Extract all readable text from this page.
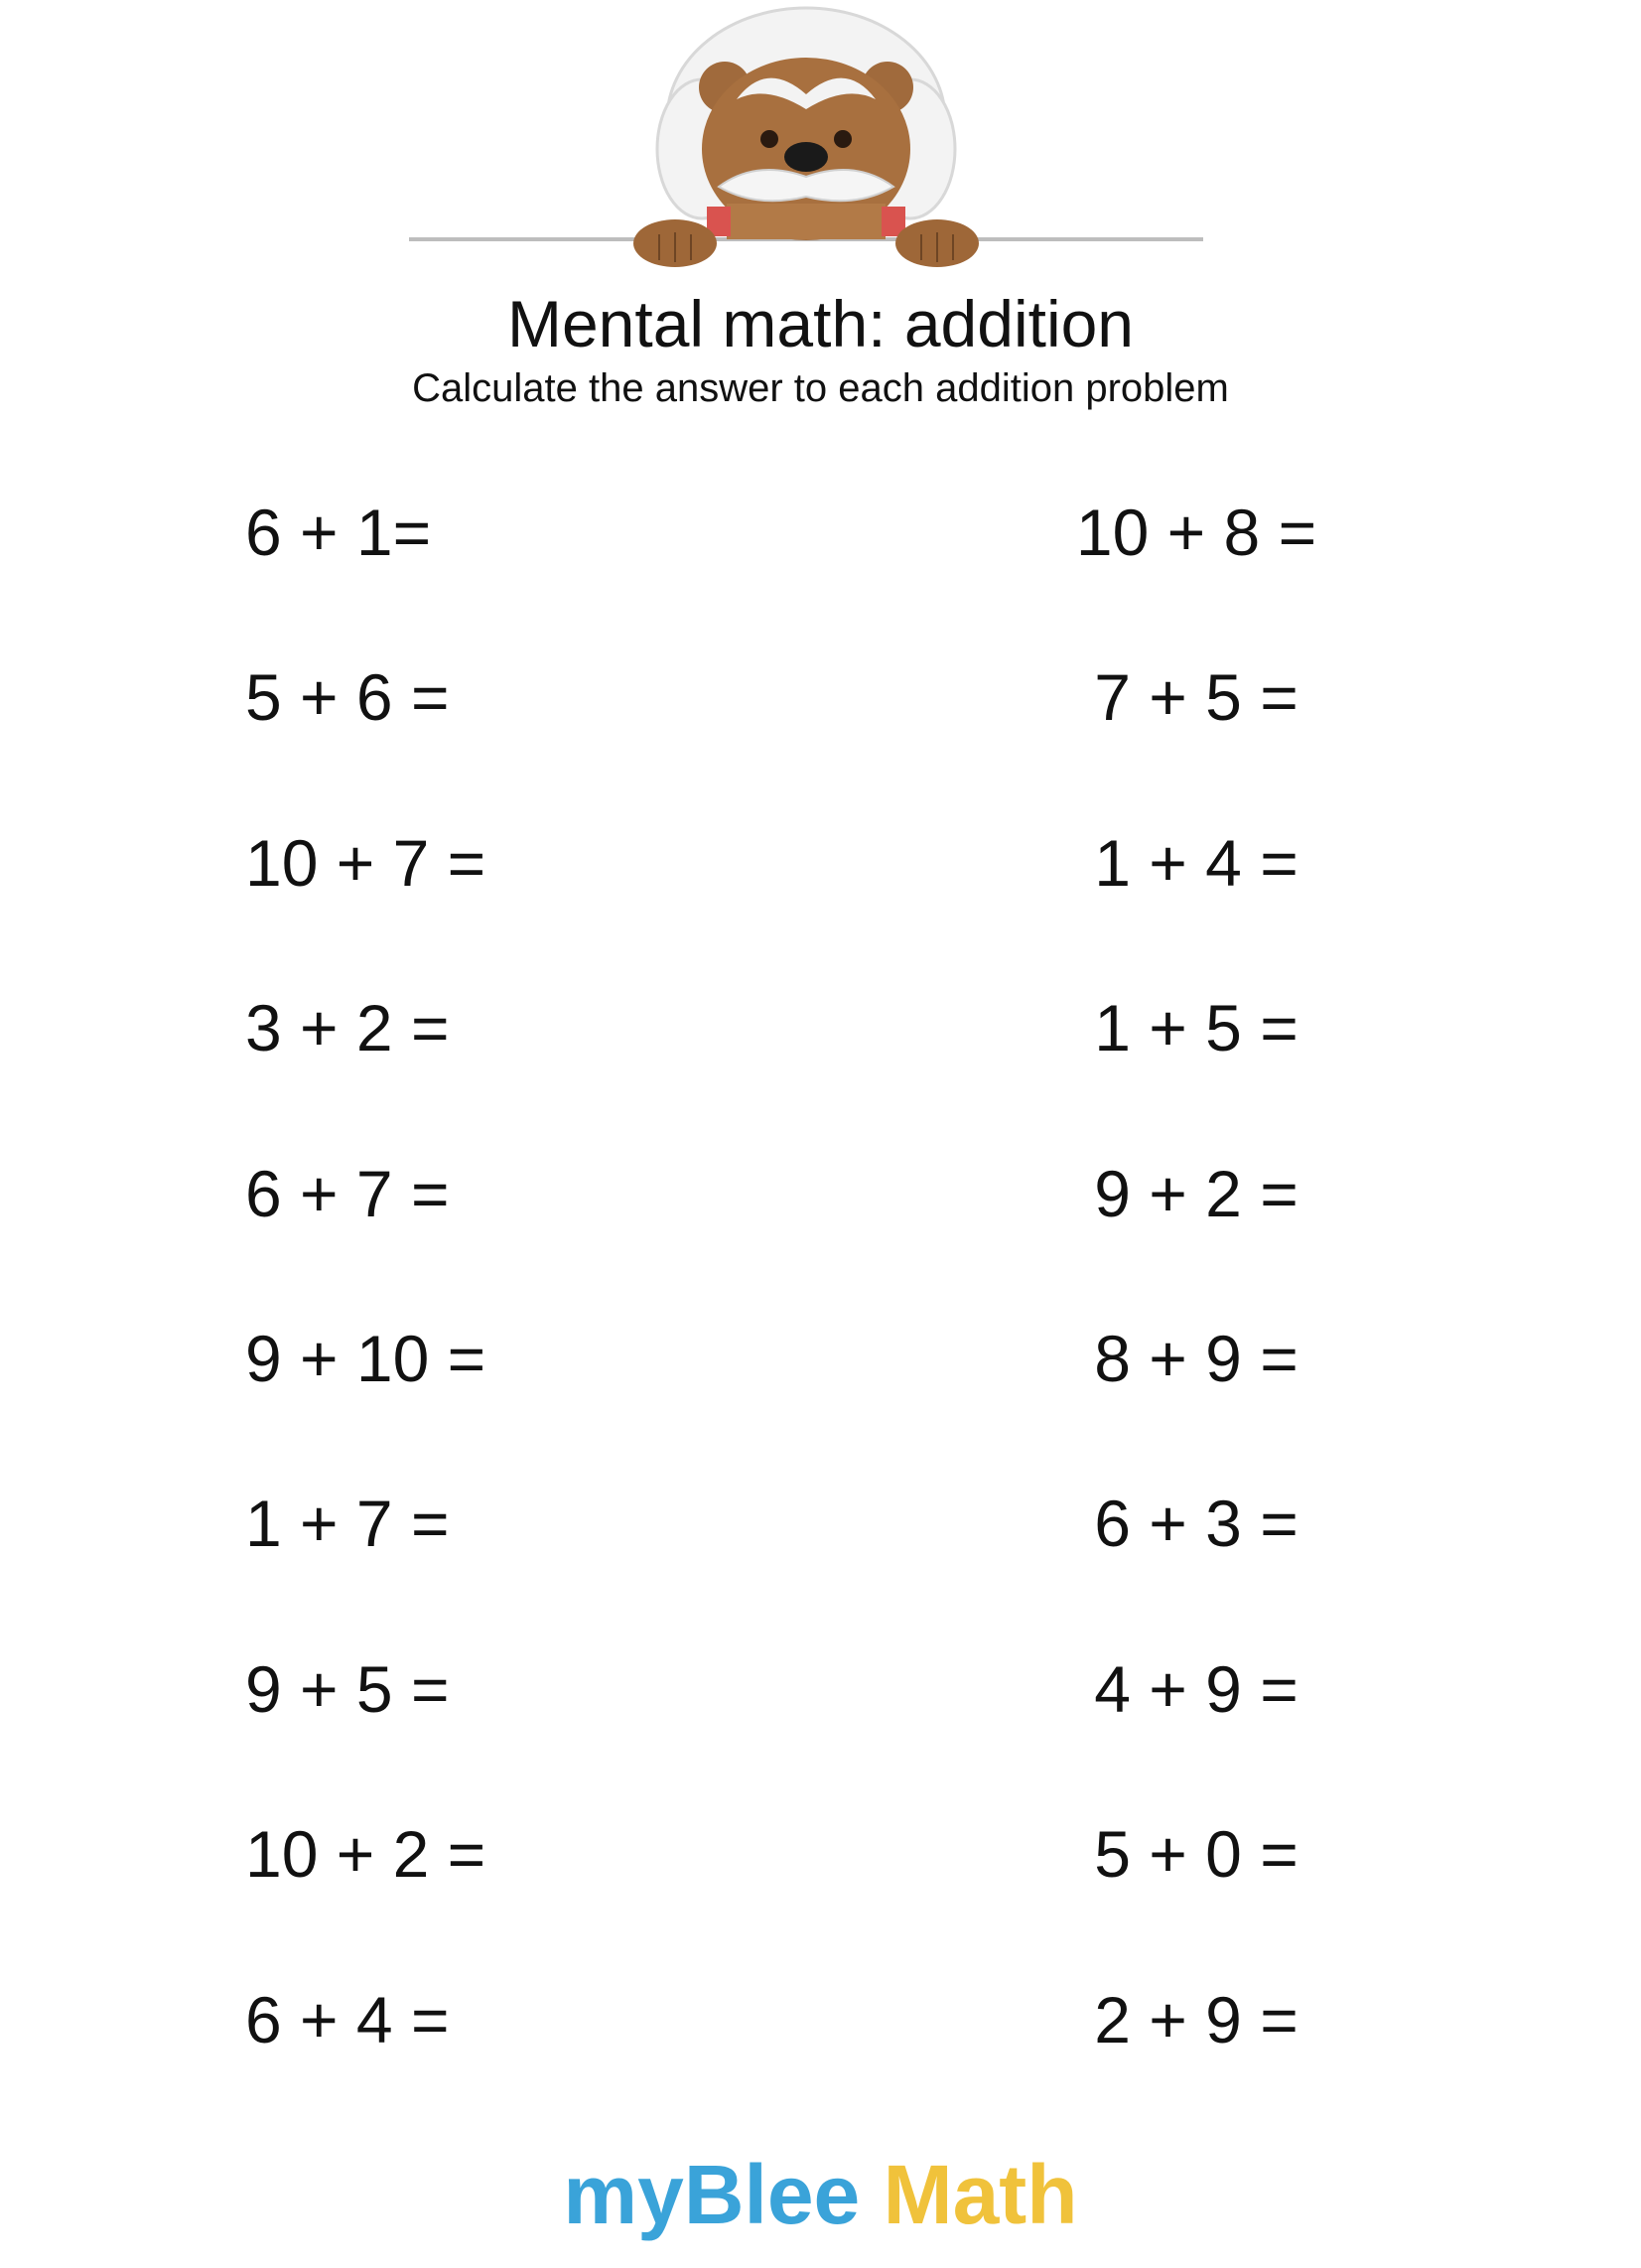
Mental math: addition
Calculate the answer to each addition problem
6 + 1=
5 + 6 =
10 + 7 =
3 + 2 =
6 + 7 =
9 + 10 =
1 + 7 =
9 + 5 =
10 + 2 =
6 + 4 =
10 + 8 =
7 + 5 =
1 + 4 =
1 + 5 =
9 + 2 =
8 + 9 =
6 + 3 =
4 + 9 =
5 + 0 =
2 + 9 =
myBlee Math
